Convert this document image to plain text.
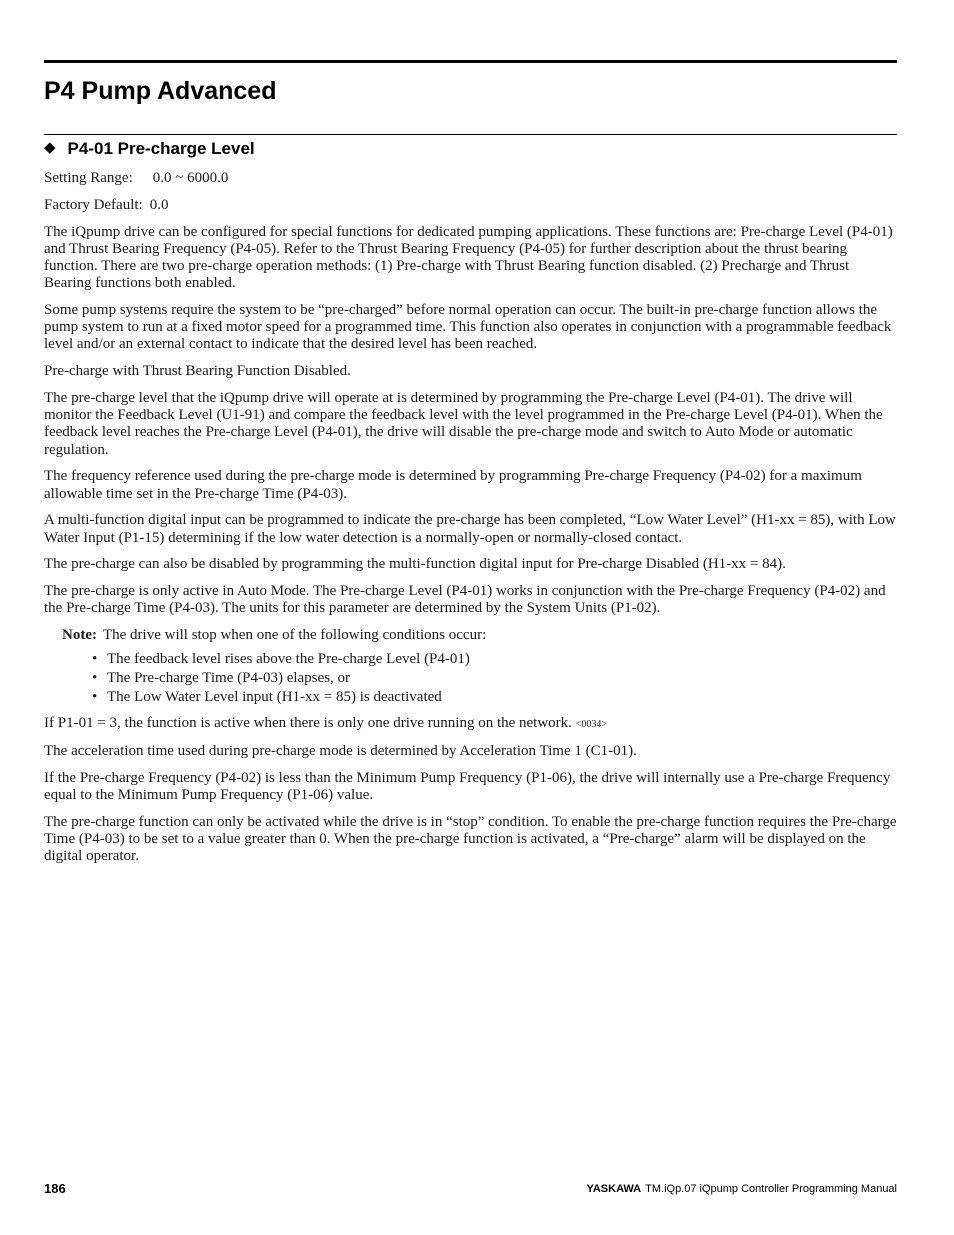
P4 Pump Advanced
◆ P4-01 Pre-charge Level

Setting Range: 0.0 ~ 6000.0

Factory Default: 0.0

The iQpump drive can be configured for special functions for dedicated pumping applications. These functions are: Pre-charge Level (P4-01) and Thrust Bearing Frequency (P4-05). Refer to the Thrust Bearing Frequency (P4-05) for further description about the thrust bearing function. There are two pre-charge operation methods: (1) Pre-charge with Thrust Bearing function disabled. (2) Precharge and Thrust Bearing functions both enabled.

Some pump systems require the system to be “pre-charged” before normal operation can occur. The built-in pre-charge function allows the pump system to run at a fixed motor speed for a programmed time. This function also operates in conjunction with a programmable feedback level and/or an external contact to indicate that the desired level has been reached.

Pre-charge with Thrust Bearing Function Disabled.

The pre-charge level that the iQpump drive will operate at is determined by programming the Pre-charge Level (P4-01). The drive will monitor the Feedback Level (U1-91) and compare the feedback level with the level programmed in the Pre-charge Level (P4-01). When the feedback level reaches the Pre-charge Level (P4-01), the drive will disable the pre-charge mode and switch to Auto Mode or automatic regulation.

The frequency reference used during the pre-charge mode is determined by programming Pre-charge Frequency (P4-02) for a maximum allowable time set in the Pre-charge Time (P4-03).

A multi-function digital input can be programmed to indicate the pre-charge has been completed, “Low Water Level” (H1-xx = 85), with Low Water Input (P1-15) determining if the low water detection is a normally-open or normally-closed contact.

The pre-charge can also be disabled by programming the multi-function digital input for Pre-charge Disabled (H1-xx = 84).

The pre-charge is only active in Auto Mode. The Pre-charge Level (P4-01) works in conjunction with the Pre-charge Frequency (P4-02) and the Pre-charge Time (P4-03). The units for this parameter are determined by the System Units (P1-02).

Note: The drive will stop when one of the following conditions occur:
• The feedback level rises above the Pre-charge Level (P4-01)
• The Pre-charge Time (P4-03) elapses, or
• The Low Water Level input (H1-xx = 85) is deactivated

If P1-01 = 3, the function is active when there is only one drive running on the network. <0034>

The acceleration time used during pre-charge mode is determined by Acceleration Time 1 (C1-01).

If the Pre-charge Frequency (P4-02) is less than the Minimum Pump Frequency (P1-06), the drive will internally use a Pre-charge Frequency equal to the Minimum Pump Frequency (P1-06) value.

The pre-charge function can only be activated while the drive is in “stop” condition. To enable the pre-charge function requires the Pre-charge Time (P4-03) to be set to a value greater than 0. When the pre-charge function is activated, a “Pre-charge” alarm will be displayed on the digital operator.

186	YASKAWA TM.iQp.07 iQpump Controller Programming Manual
